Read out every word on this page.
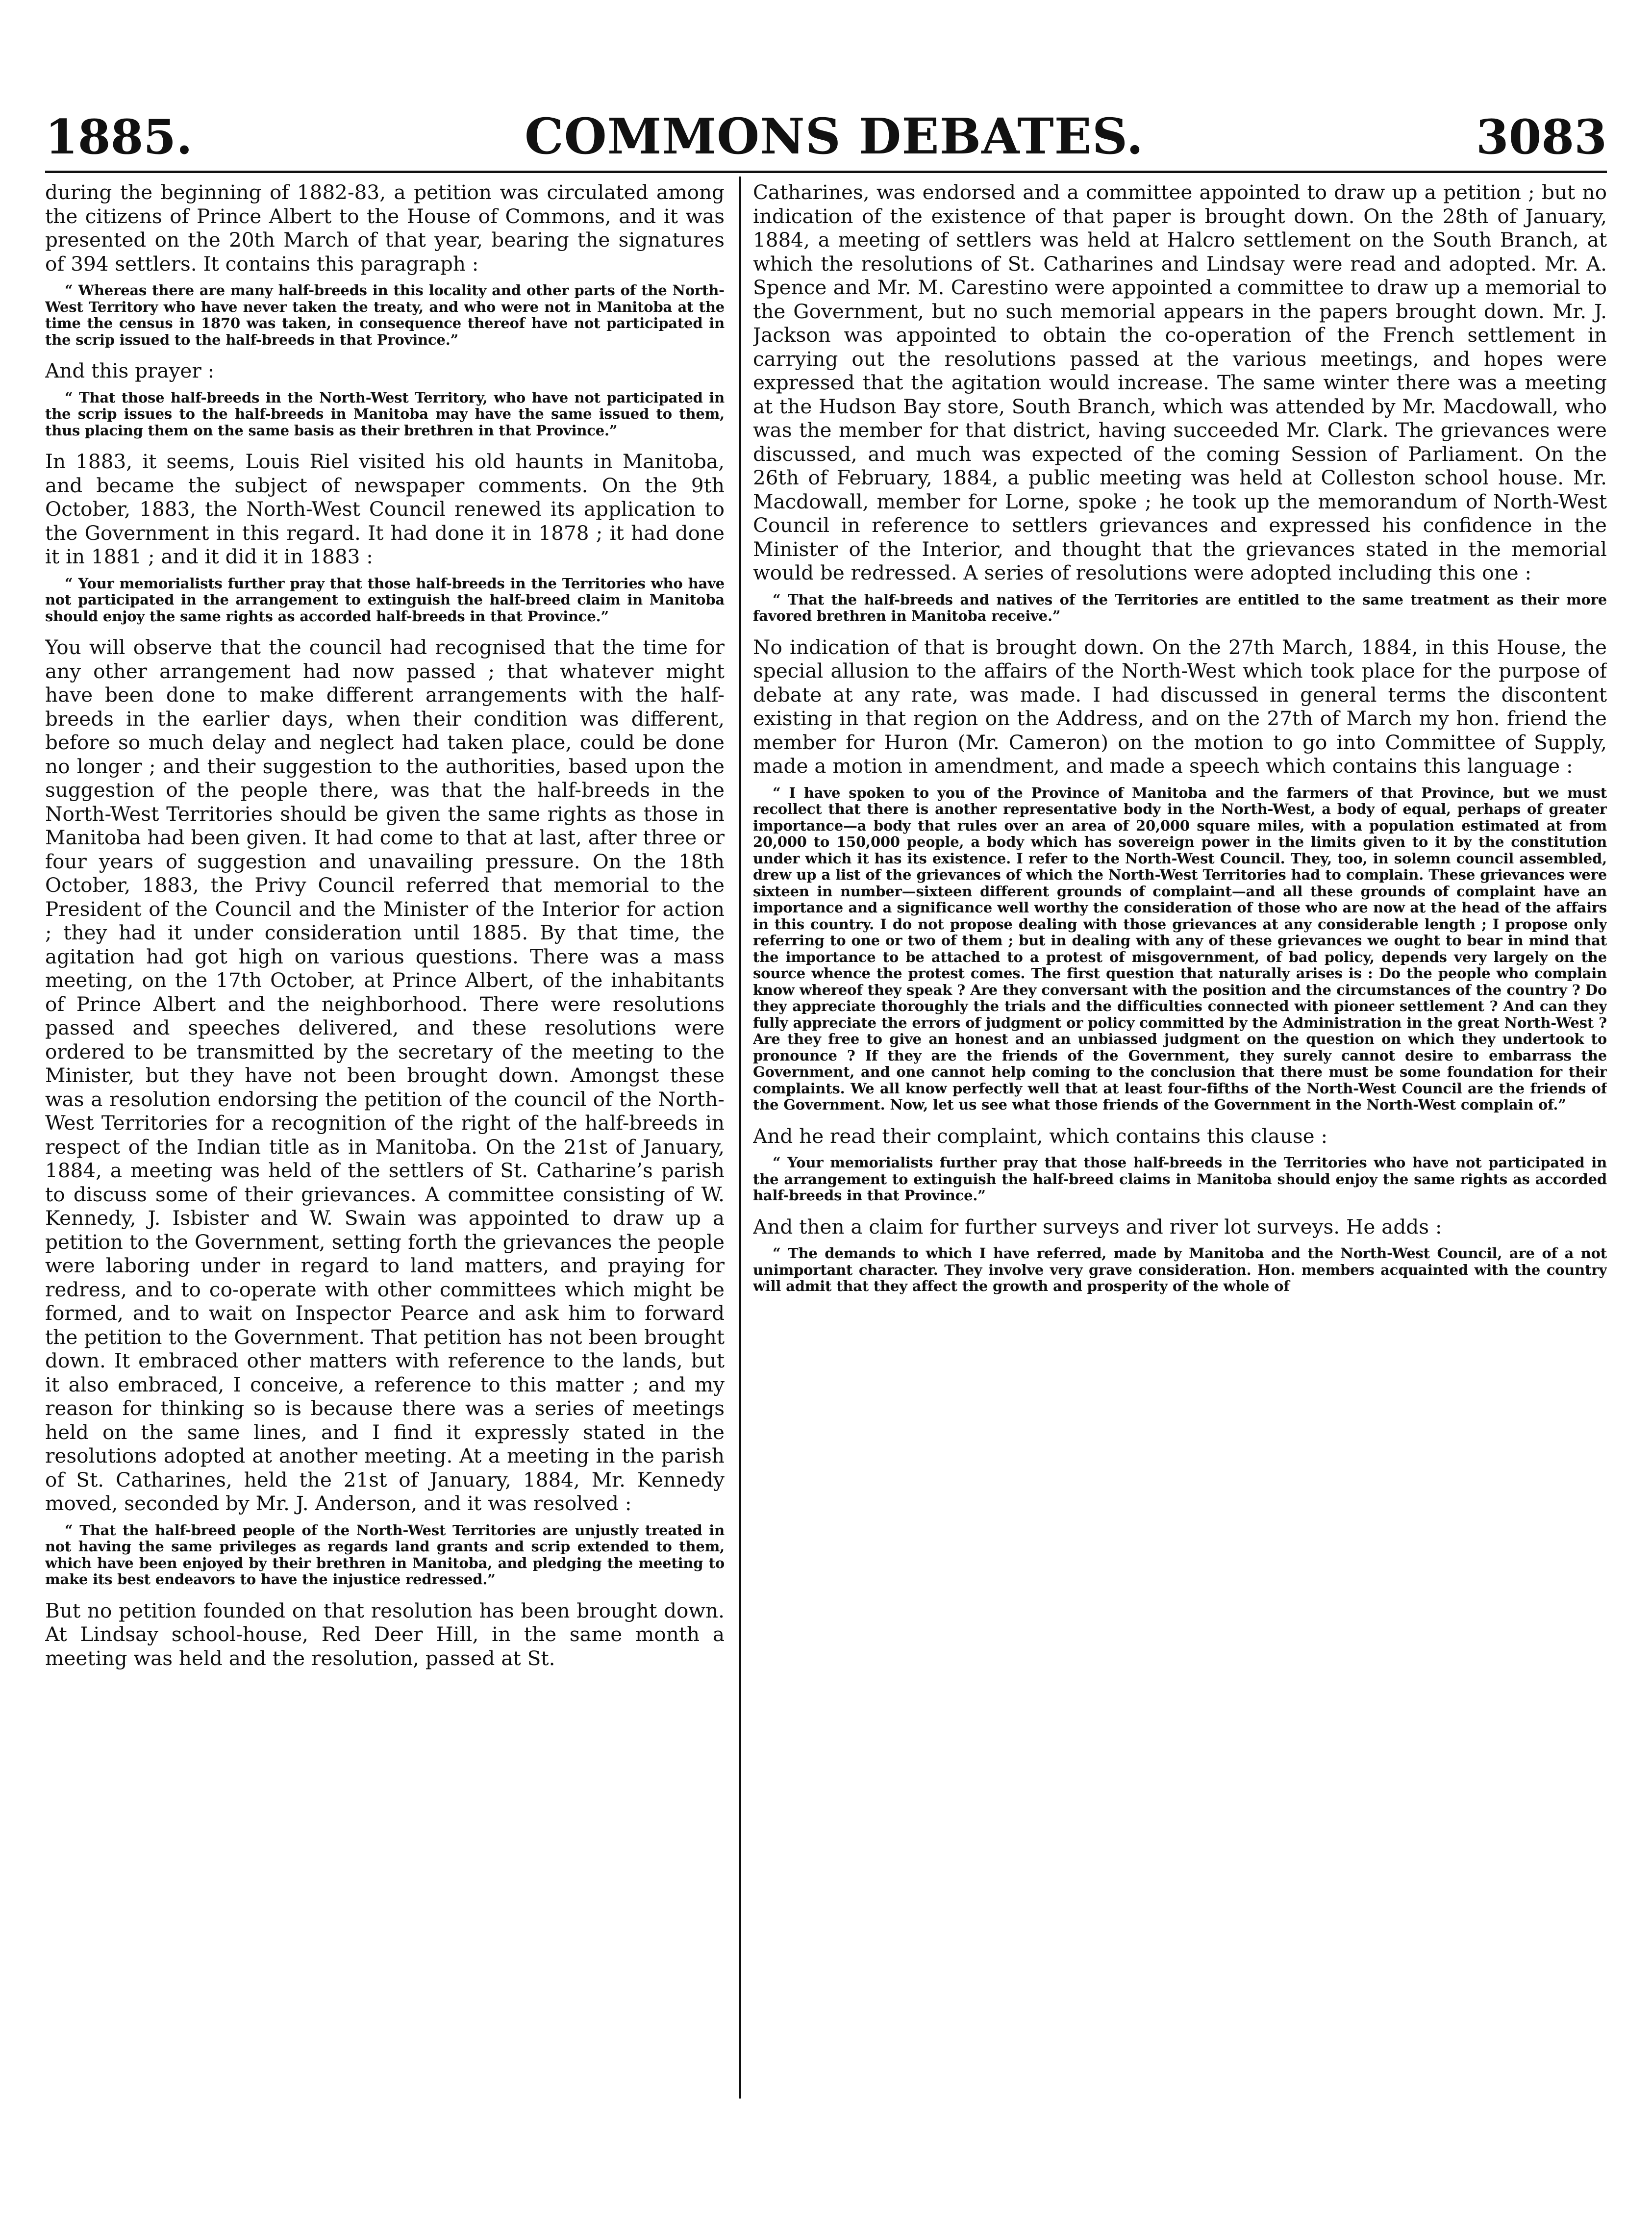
1885.	COMMONS DEBATES.	3083

during the beginning of 1882-83, a petition was circulated among the citizens of Prince Albert to the House of Commons, and it was presented on the 20th March of that year, bearing the signatures of 394 settlers. It contains this paragraph :

“ Whereas there are many half-breeds in this locality and other parts of the North-West Territory who have never taken the treaty, and who were not in Manitoba at the time the census in 1870 was taken, in consequence thereof have not participated in the scrip issued to the half-breeds in that Province.”

And this prayer :

“ That those half-breeds in the North-West Territory, who have not participated in the scrip issues to the half-breeds in Manitoba may have the same issued to them, thus placing them on the same basis as their brethren in that Province.”

In 1883, it seems, Louis Riel visited his old haunts in Manitoba, and became the subject of newspaper comments. On the 9th October, 1883, the North-West Council renewed its application to the Government in this regard. It had done it in 1878 ; it had done it in 1881 ; and it did it in 1883 :

“ Your memorialists further pray that those half-breeds in the Territories who have not participated in the arrangement to extinguish the half-breed claim in Manitoba should enjoy the same rights as accorded half-breeds in that Province.”

You will observe that the council had recognised that the time for any other arrangement had now passed ; that whatever might have been done to make different arrangements with the half-breeds in the earlier days, when their condition was different, before so much delay and neglect had taken place, could be done no longer ; and their suggestion to the authorities, based upon the suggestion of the people there, was that the half-breeds in the North-West Territories should be given the same rights as those in Manitoba had been given. It had come to that at last, after three or four years of suggestion and unavailing pressure. On the 18th October, 1883, the Privy Council referred that memorial to the President of the Council and the Minister of the Interior for action ; they had it under consideration until 1885. By that time, the agitation had got high on various questions. There was a mass meeting, on the 17th October, at Prince Albert, of the inhabitants of Prince Albert and the neighborhood. There were resolutions passed and speeches delivered, and these resolutions were ordered to be transmitted by the secretary of the meeting to the Minister, but they have not been brought down. Amongst these was a resolution endorsing the petition of the council of the North-West Territories for a recognition of the right of the half-breeds in respect of the Indian title as in Manitoba. On the 21st of January, 1884, a meeting was held of the settlers of St. Catharine’s parish to discuss some of their grievances. A committee consisting of W. Kennedy, J. Isbister and W. Swain was appointed to draw up a petition to the Government, setting forth the grievances the people were laboring under in regard to land matters, and praying for redress, and to co-operate with other committees which might be formed, and to wait on Inspector Pearce and ask him to forward the petition to the Government. That petition has not been brought down. It embraced other matters with reference to the lands, but it also embraced, I conceive, a reference to this matter ; and my reason for thinking so is because there was a series of meetings held on the same lines, and I find it expressly stated in the resolutions adopted at another meeting. At a meeting in the parish of St. Catharines, held the 21st of January, 1884, Mr. Kennedy moved, seconded by Mr. J. Anderson, and it was resolved :

“ That the half-breed people of the North-West Territories are unjustly treated in not having the same privileges as regards land grants and scrip extended to them, which have been enjoyed by their brethren in Manitoba, and pledging the meeting to make its best endeavors to have the injustice redressed.”

But no petition founded on that resolution has been brought down. At Lindsay school-house, Red Deer Hill, in the same month a meeting was held and the resolution, passed at St.

Catharines, was endorsed and a committee appointed to draw up a petition ; but no indication of the existence of that paper is brought down. On the 28th of January, 1884, a meeting of settlers was held at Halcro settlement on the South Branch, at which the resolutions of St. Catharines and Lindsay were read and adopted. Mr. A. Spence and Mr. M. Carestino were appointed a committee to draw up a memorial to the Government, but no such memorial appears in the papers brought down. Mr. J. Jackson was appointed to obtain the co-operation of the French settlement in carrying out the resolutions passed at the various meetings, and hopes were expressed that the agitation would increase. The same winter there was a meeting at the Hudson Bay store, South Branch, which was attended by Mr. Macdowall, who was the member for that district, having succeeded Mr. Clark. The grievances were discussed, and much was expected of the coming Session of Parliament. On the 26th of February, 1884, a public meeting was held at Colleston school house. Mr. Macdowall, member for Lorne, spoke ; he took up the memorandum of North-West Council in reference to settlers grievances and expressed his confidence in the Minister of the Interior, and thought that the grievances stated in the memorial would be redressed. A series of resolutions were adopted including this one :

“ That the half-breeds and natives of the Territories are entitled to the same treatment as their more favored brethren in Manitoba receive.”

No indication of that is brought down. On the 27th March, 1884, in this House, the special allusion to the affairs of the North-West which took place for the purpose of debate at any rate, was made. I had discussed in general terms the discontent existing in that region on the Address, and on the 27th of March my hon. friend the member for Huron (Mr. Cameron) on the motion to go into Committee of Supply, made a motion in amendment, and made a speech which contains this language :

“ I have spoken to you of the Province of Manitoba and the farmers of that Province, but we must recollect that there is another representative body in the North-West, a body of equal, perhaps of greater importance—a body that rules over an area of 20,000 square miles, with a population estimated at from 20,000 to 150,000 people, a body which has sovereign power in the limits given to it by the constitution under which it has its existence. I refer to the North-West Council. They, too, in solemn council assembled, drew up a list of the grievances of which the North-West Territories had to complain. These grievances were sixteen in number—sixteen different grounds of complaint—and all these grounds of complaint have an importance and a significance well worthy the consideration of those who are now at the head of the affairs in this country. I do not propose dealing with those grievances at any considerable length ; I propose only referring to one or two of them ; but in dealing with any of these grievances we ought to bear in mind that the importance to be attached to a protest of misgovernment, of bad policy, depends very largely on the source whence the protest comes. The first question that naturally arises is : Do the people who complain know whereof they speak ? Are they conversant with the position and the circumstances of the country ? Do they appreciate thoroughly the trials and the difficulties connected with pioneer settlement ? And can they fully appreciate the errors of judgment or policy committed by the Administration in the great North-West ? Are they free to give an honest and an unbiassed judgment on the question on which they undertook to pronounce ? If they are the friends of the Government, they surely cannot desire to embarrass the Government, and one cannot help coming to the conclusion that there must be some foundation for their complaints. We all know perfectly well that at least four-fifths of the North-West Council are the friends of the Government. Now, let us see what those friends of the Government in the North-West complain of.”

And he read their complaint, which contains this clause :

“ Your memorialists further pray that those half-breeds in the Territories who have not participated in the arrangement to extinguish the half-breed claims in Manitoba should enjoy the same rights as accorded half-breeds in that Province.”

And then a claim for further surveys and river lot surveys. He adds :

“ The demands to which I have referred, made by Manitoba and the North-West Council, are of a not unimportant character. They involve very grave consideration. Hon. members acquainted with the country will admit that they affect the growth and prosperity of the whole of
